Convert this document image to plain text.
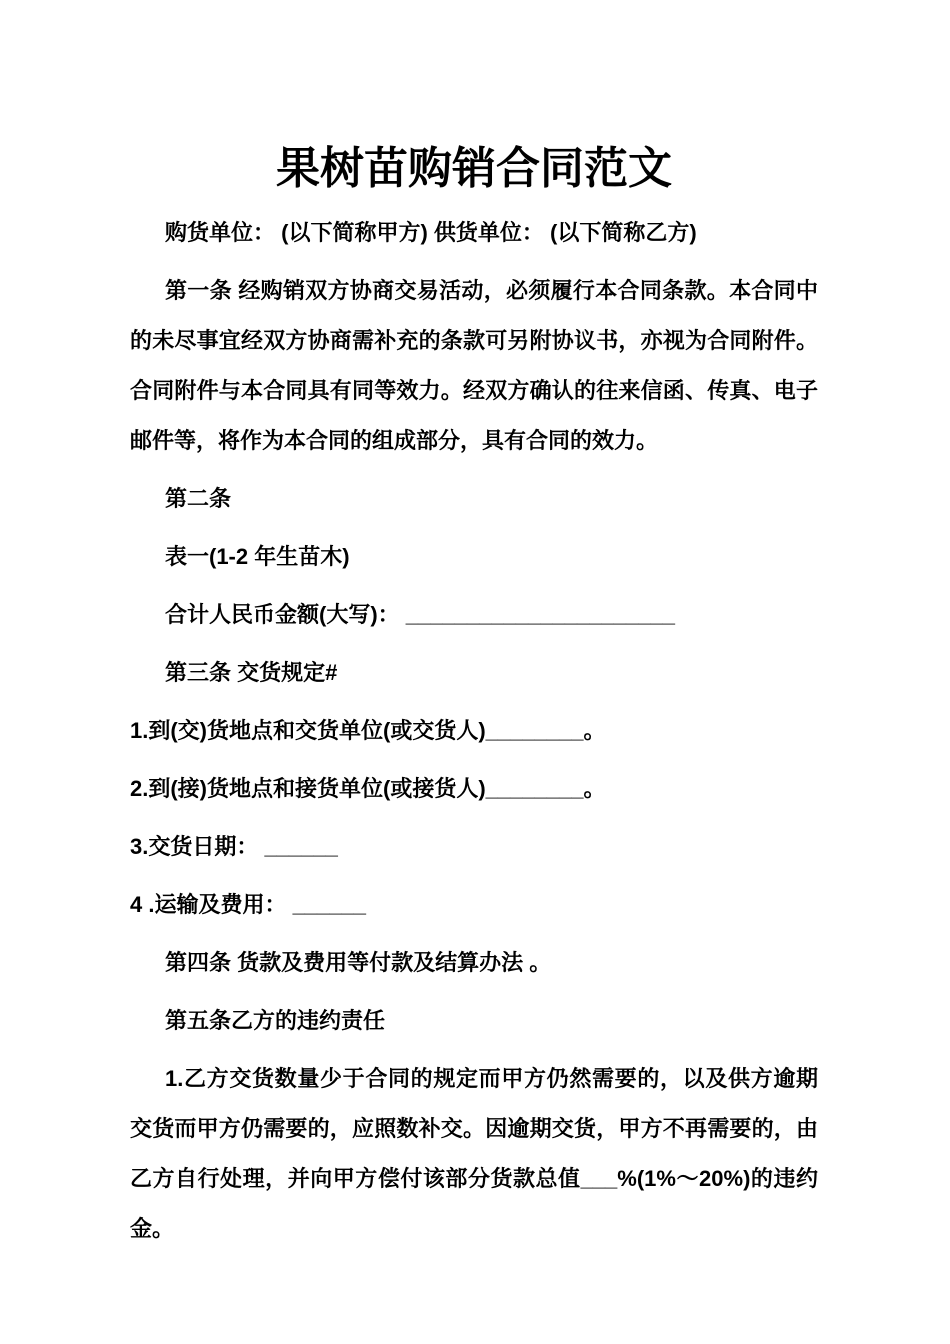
果树苗购销合同范文

购货单位： (以下简称甲方) 供货单位： (以下简称乙方)

第一条 经购销双方协商交易活动，必须履行本合同条款。本合同中的未尽事宜经双方协商需补充的条款可另附协议书，亦视为合同附件。合同附件与本合同具有同等效力。经双方确认的往来信函、传真、电子邮件等，将作为本合同的组成部分，具有合同的效力。

第二条

表一(1-2 年生苗木)

合计人民币金额(大写)： ______________________

第三条 交货规定#

1.到(交)货地点和交货单位(或交货人)________。

2.到(接)货地点和接货单位(或接货人)________。

3.交货日期： ______

4 .运输及费用： ______

第四条 货款及费用等付款及结算办法 。

第五条乙方的违约责任

1.乙方交货数量少于合同的规定而甲方仍然需要的，以及供方逾期交货而甲方仍需要的，应照数补交。因逾期交货，甲方不再需要的，由乙方自行处理，并向甲方偿付该部分货款总值___%(1%～20%)的违约金。
